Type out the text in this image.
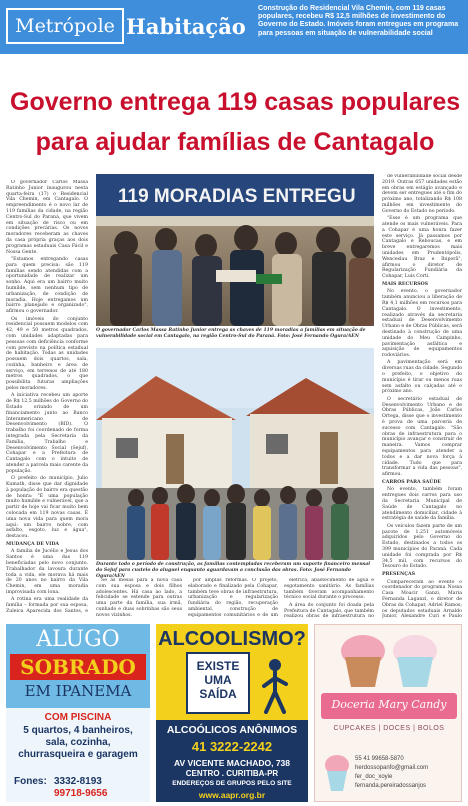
Metrópole Habitação
Construção do Residencial Vila Chemin, com 119 casas populares, recebeu R$ 12,5 milhões de investimento do Governo do Estado. Imóveis foram entregues em programa para pessoas em situação de vulnerabilidade social
Governo entrega 119 casas populares
para ajudar famílias de Cantagalo

O governador Carlos Massa Ratinho Junior inaugurou nesta quarta-feira (17) o Residencial Vila Chemin, em Cantagalo. O empreendimento é o novo lar de 119 famílias da cidade, na região Centro-Sul do Paraná, que vivem em situação de risco ou em condições precárias. Os novos moradores receberam as chaves da casa própria graças aos dois programas estaduais Casa Fácil e Nossa Gente.

"Estamos entregando casas para quem precisa: são 119 famílias sendo atendidas com a oportunidade de realizar um sonho. Aqui era um bairro muito humilde, sem nenhum tipo de urbanização, de condição de moradia. Hoje entregamos um bairro planejado e organizado", afirmou o governador.

Os imóveis do conjunto residencial possuem modelos com 42, 49 e 50 metros quadrados, com unidades adaptadas para pessoas com deficiência conforme com previsto na política estadual de habitação. Todas as unidades possuem dois quartos, sala, cozinha, banheiro e área de serviço, em terrenos de até 180 metros quadrados, o que possibilita futuras ampliações pelos moradores.

A iniciativa recebeu um aporte de R$ 12,5 milhões do Governo do Estado oriundo de um financiamento junto ao Banco Interamericano de Desenvolvimento (BID). O trabalho foi coordenado de forma integrada pela Secretaria da Família, Trabalho e Desenvolvimento Social (Sejuf), Cohapar e a Prefeitura de Cantagalo com o intuito de atender a parcela mais carente da população.

O prefeito do município, Julio Kumath, disse que dar dignidade à população do bairro era questão de honra: "É uma população muito humilde e vulnerável, que a partir de hoje vai ficar muito bem colocada em 119 novas casas. É uma nova vida para quem mora aqui: um bairro nobre, com asfalto, esgoto, luz e água", destacou.

MUDANÇA DE VIDA

A família de Jucélio e Jesus dos Santos é uma das 119 beneficiadas pelo novo conjunto. Trabalhador da lavoura durante toda a vida, ele morava há mais de 20 anos no bairro da Vila Chemin, em uma moradia improvisada com lona.

A rotina era uma realidade da família – formada por sua esposa, Zuleica Aparecida dos Santos, e

119 MORADIAS ENTREGU
O governador Carlos Massa Ratinho Junior entrega as chaves de 119 moradias a famílias em situação de vulnerabilidade social em Cantagalo, na região Centro-Sul do Paraná. Foto: José Fernando Ogura/AEN
Durante todo o período de construção, as famílias contempladas receberam um suporte financeiro mensal do Sejuf para custeio do aluguel enquanto aguardavam a conclusão das obras. Foto: José Fernando Ogura/AEN

Se as mesas para a nova casa com sua esposa e dois filhos adolescentes. Há casa ao lado, a felicidade se estende para outras uma parte da família, sua irmã, cunhado e duas sobrinhas são seus novos vizinhos.

por amplas reformas. O projeto, elaborado e finalizado pela Cohapar, também teve obras de infraestrutura, urbanização e regularização fundiária do região, recuperação ambiental, construção de equipamentos comunitários e de um

elétrica, abastecimento de água e esgotamento sanitário. As famílias também tiveram acompanhamento técnico social durante o processo.

A área do conjunto foi doada pela Prefeitura de Cantagalo, que também realizou obras de infraestrutura no

de vulnerabilidade social desde 2019. Outras 657 unidades estão em obras em estágio avançado e devem ser entregues até o fim do próximo ano, totalizando R$ 108 milhões em investimento do Governo do Estado no período.

"Esse é um programa que atende os mais vulneráveis. Para a Cohapar é uma honra fazer este serviço. Já passamos por Cantagalo e Reboucas, e em breve entregaremos mais unidades em Prudentópolis, Wenceslau Braz e Ibiporã", afirmou o diretor de Regularização Fundiária da Cohapar, Luis Corti.

MAIS RECURSOS

No evento, o governador também anunciou a liberação de R$ 4,1 milhões em recursos para Cantagalo. O investimento, realizado através da secretaria estadual de Desenvolvimento Urbano e de Obras Públicas, será destinado à construção de uma unidade do Meu Campinho, pavimentação asfáltica e aquisição de equipamentos rodoviários.

A pavimentação será em diversas ruas da cidade. Segundo o prefeito, o objetivo do município é tirar ou menos ruas sem asfalto ou calçadas até o próximo ano.

O secretário estadual de Desenvolvimento Urbano e de Obras Públicas, João Carlos Ortega, disse que o investimento é prova de uma parceria de sucesso com Cantagalo. "São obras de infraestrutura para o município avançar e construir de maneira. Vamos comprar equipamentos para atender a todos e a dar nova força à cidade. Tudo que para transformar a vida das pessoas", afirmou.

CARROS PARA SAÚDE

No evento, também foram entregues dois carros para uso da Secretaria Municipal de Saúde de Cantagalo no atendimento domiciliar, cidade à estratégia de saúde da família.

Os veículos fazem parte de um pacote de 1.251 automóveis adquiridos pelo Governo do Estado, destinados a todos os 399 municípios do Paraná. Cada unidade foi comprada por R$ 34,5 mil, com recursos do Tesouro do Estado.

PRESENÇAS

Compareceram ao evento o coordenador do programa Nossa Casa Moacir Ganzi, Maria Fernanda Laganzi, o diretor de Obras da Cohapar, Adriel Ramos; os deputados estaduais Arnaldo Junior, Alexandre Curi e Paulo

ALUGO
SOBRADO
EM IPANEMA
COM PISCINA
5 quartos, 4 banheiros, sala, cozinha, churrasqueira e garagem
Fones: 3332-8193
99718-9656
ALCOOLISMO?
EXISTE
UMA
SAÍDA
ALCOÓLICOS ANÔNIMOS
41 3222-2242
AV VICENTE MACHADO, 738
CENTRO . CURITIBA-PR
ENDEREÇOS DE GRUPOS PELO SITE
www.aapr.org.br
Doceria Mary Candy
CUPCAKES | DOCES | BOLOS
55 41 99658-5870
herdossopanfo@gmail.com
fer_doc_xoyie
fernanda.pereiradossanjos
